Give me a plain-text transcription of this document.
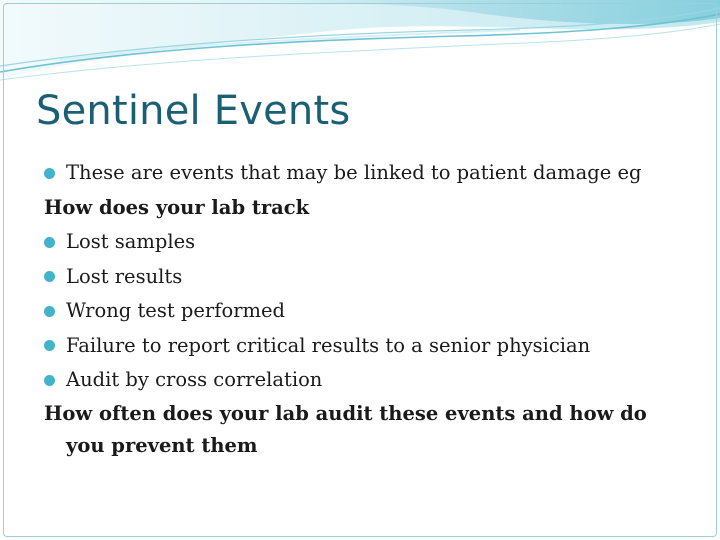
Sentinel Events
These are events that may be linked to patient damage eg
How does your lab track
Lost samples
Lost results
Wrong test performed
Failure to report critical results to a senior physician
Audit by cross correlation
How often does your lab audit these events and how do
you prevent them
